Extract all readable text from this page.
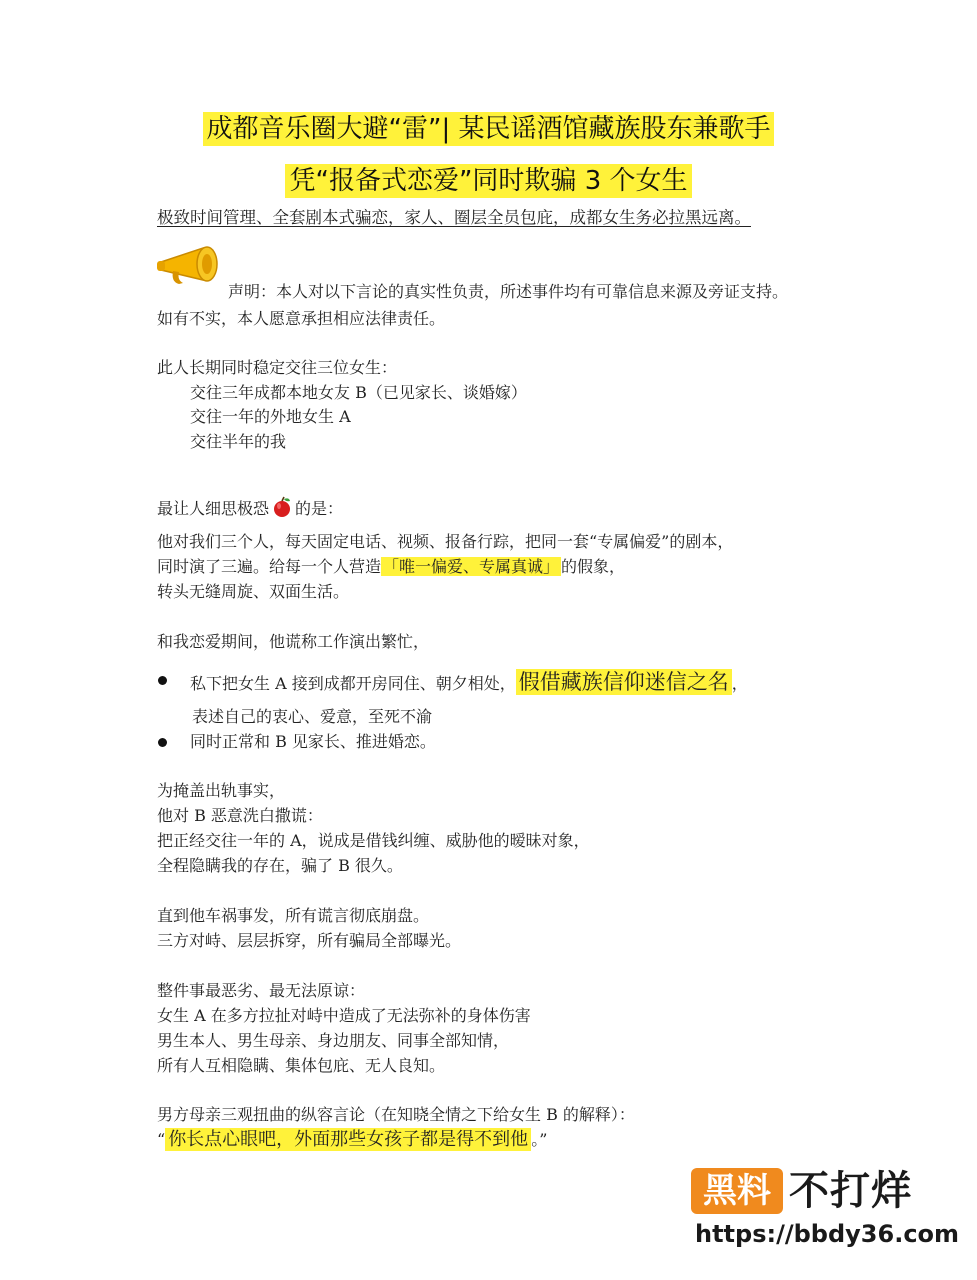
成都音乐圈大避“雷”| 某民谣酒馆藏族股东兼歌手
凭“报备式恋爱”同时欺骗 3 个女生
极致时间管理、全套剧本式骗恋，家人、圈层全员包庇，成都女生务必拉黑远离。
声明：本人对以下言论的真实性负责，所述事件均有可靠信息来源及旁证支持。
如有不实，本人愿意承担相应法律责任。
此人长期同时稳定交往三位女生：
交往三年成都本地女友 B（已见家长、谈婚嫁）
交往一年的外地女生 A
交往半年的我
最让人细思极恐 的是：
他对我们三个人，每天固定电话、视频、报备行踪，把同一套“专属偏爱”的剧本，
同时演了三遍。给每一个人营造 「唯一偏爱、专属真诚」 的假象，
转头无缝周旋、双面生活。
和我恋爱期间，他谎称工作演出繁忙，
私下把女生 A 接到成都开房同住、朝夕相处， 假借藏族信仰迷信之名 ，
表述自己的衷心、爱意，至死不渝
同时正常和 B 见家长、推进婚恋。
为掩盖出轨事实，
他对 B 恶意洗白撒谎：
把正经交往一年的 A，说成是借钱纠缠、威胁他的暧昧对象，
全程隐瞒我的存在，骗了 B 很久。
直到他车祸事发，所有谎言彻底崩盘。
三方对峙、层层拆穿，所有骗局全部曝光。
整件事最恶劣、最无法原谅：
女生 A 在多方拉扯对峙中造成了无法弥补的身体伤害
男生本人、男生母亲、身边朋友、同事全部知情，
所有人互相隐瞒、集体包庇、无人良知。
男方母亲三观扭曲的纵容言论（在知晓全情之下给女生 B 的解释）：
“ 你长点心眼吧，外面那些女孩子都是得不到他 。”
黑料 不打烊
https://bbdy36.com
